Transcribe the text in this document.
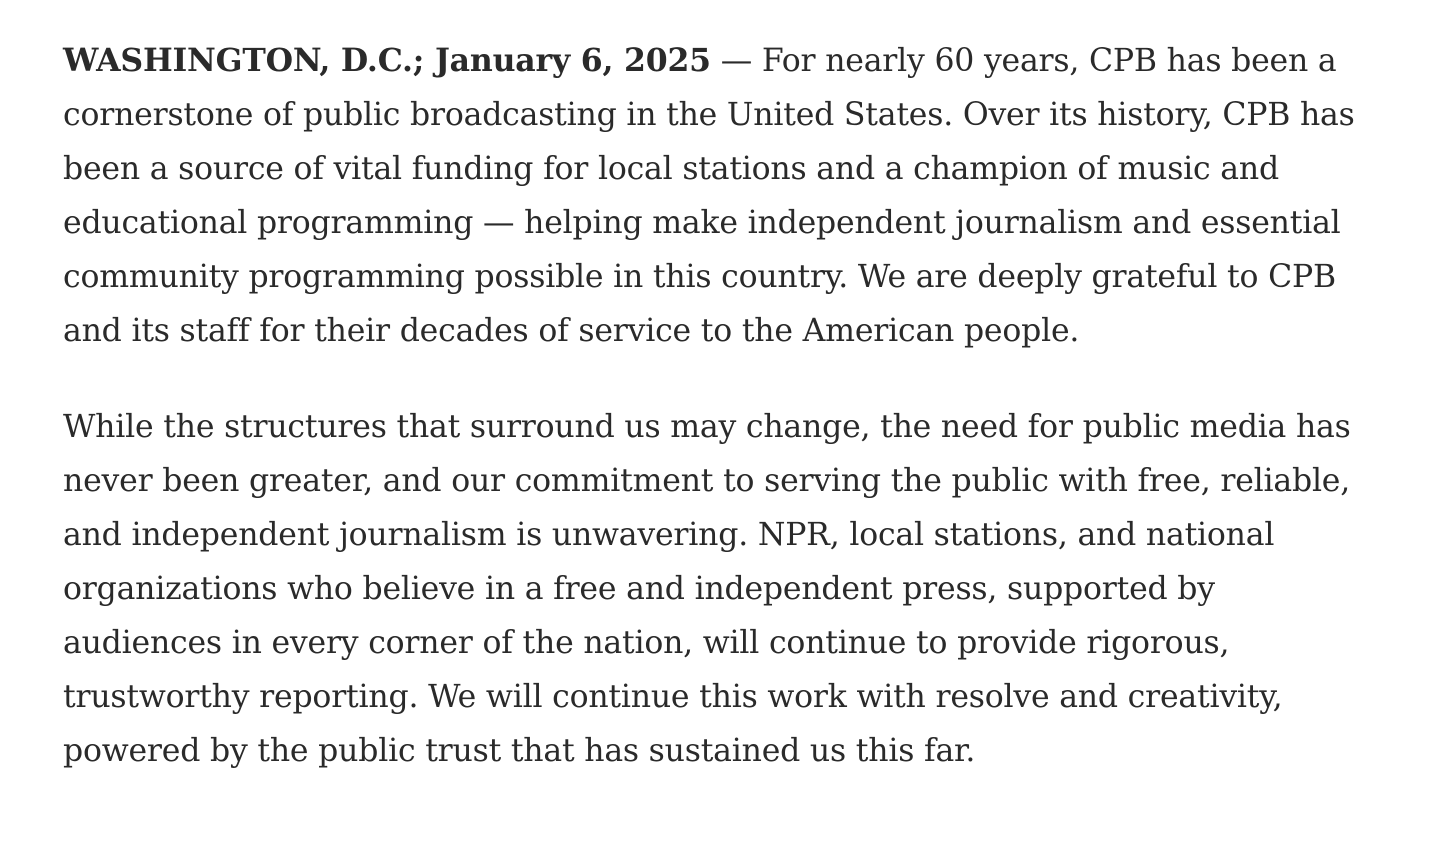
WASHINGTON, D.C.; January 6, 2025 — For nearly 60 years, CPB has been a cornerstone of public broadcasting in the United States. Over its history, CPB has been a source of vital funding for local stations and a champion of music and educational programming — helping make independent journalism and essential community programming possible in this country. We are deeply grateful to CPB and its staff for their decades of service to the American people.

While the structures that surround us may change, the need for public media has never been greater, and our commitment to serving the public with free, reliable, and independent journalism is unwavering. NPR, local stations, and national organizations who believe in a free and independent press, supported by audiences in every corner of the nation, will continue to provide rigorous, trustworthy reporting. We will continue this work with resolve and creativity, powered by the public trust that has sustained us this far.
